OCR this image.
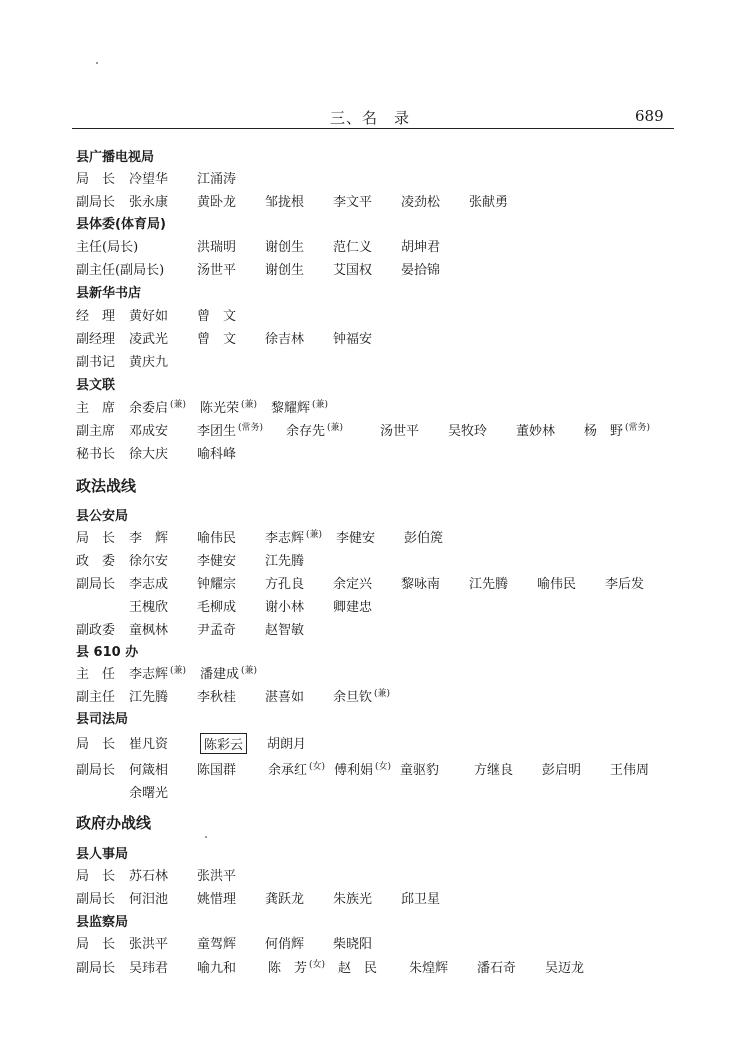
三、名　录	689
县广播电视局
局　长 冷望华 江涌涛
副局长 张永康 黄卧龙 邹拢根 李文平 凌劲松 张献勇
县体委(体育局)
主任(局长)	洪瑞明 谢创生 范仁义 胡坤君
副主任(副局长)	汤世平 谢创生 艾国权 晏拾锦
县新华书店
经　理 黄好如 曾　文
副经理 凌武光 曾　文 徐吉林 钟福安
副书记 黄庆九
县文联
主　席 余委启 (兼) 陈光荣 (兼) 黎耀辉 (兼)
副主席 邓成安 李团生 (常务) 余存先 (兼)	汤世平 吴牧玲 董妙林 杨　野 (常务)
秘书长 徐大庆 喻科峰
政法战线
县公安局
局　长 李　辉 喻伟民 李志辉 (兼) 李健安 彭伯箎
政　委 徐尔安 李健安 江先腾
副局长 李志成 钟耀宗 方孔良 余定兴 黎咏南 江先腾 喻伟民 李后发
王槐欣 毛柳成 谢小林 卿建忠
副政委 童枫林 尹孟奇 赵智敏
县 610 办
主　任 李志辉 (兼) 潘建成 (兼)
副主任 江先腾 李秋桂 湛喜如 余旦钦 (兼)
县司法局
局　长 崔凡资	陈彩云	胡朗月
副局长 何箴相 陈国群 余承红 (女) 傅利娟 (女) 童驱豹	方继良 彭启明 王伟周
余曙光
政府办战线
县人事局
局　长 苏石林 张洪平
副局长 何汨池 姚惜理 龚跃龙 朱族光 邱卫星
县监察局
局　长 张洪平 童驾辉 何俏辉 柴晓阳
副局长 吴玮君 喻九和 陈　芳 (女) 赵　民 朱煌辉 潘石奇 吴迈龙
